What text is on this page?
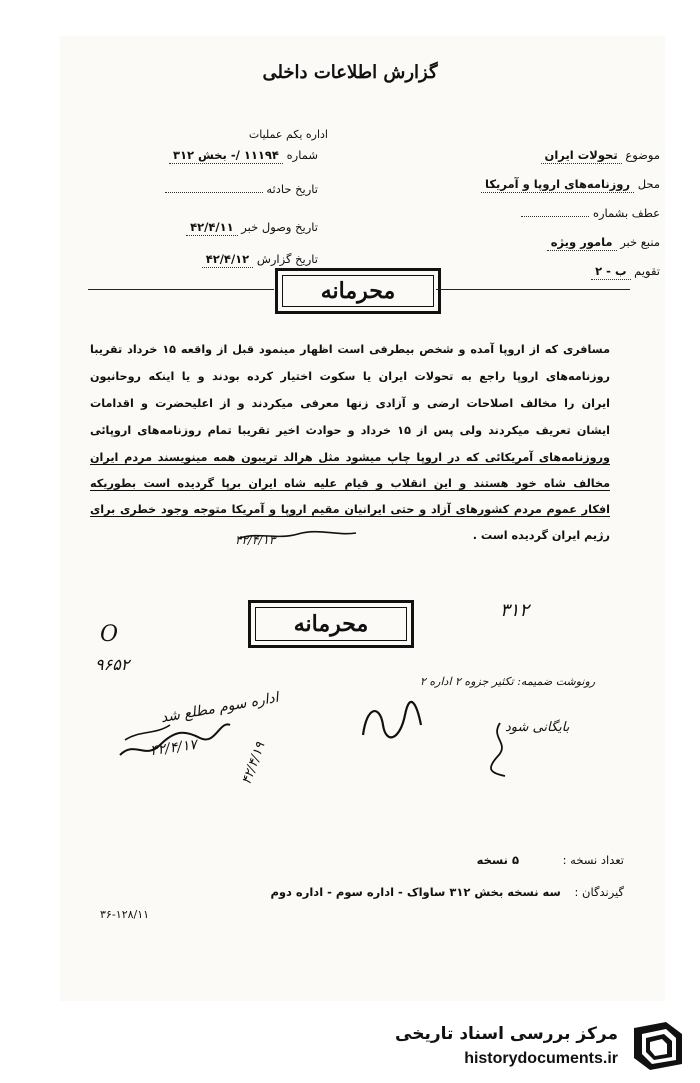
گزارش اطلاعات داخلی
اداره یکم عملیات
شماره ۱۱۱۹۴ /- بخش ۳۱۲
تاریخ حادثه
تاریخ وصول خبر ۴۲/۴/۱۱
تاریخ گزارش ۴۲/۴/۱۲
موضوع تحولات ایران
محل روزنامه‌های اروپا و آمریکا
عطف بشماره
منبع خبر مامور ویژه
تقویم ب - ۲
محرمانه
مسافری که از اروپا آمده و شخص بیطرفی است اظهار مینمود قبل از واقعه ۱۵ خرداد تقریبا
روزنامه‌های اروپا راجع به تحولات ایران یا سکوت اختیار کرده بودند و یا اینکه روحانیون
ایران را مخالف اصلاحات ارضی و آزادی زنها معرفی میکردند و از اعلیحضرت و اقدامات
ایشان تعریف میکردند ولی پس از ۱۵ خرداد و حوادث اخیر تقریبا تمام روزنامه‌های اروپائی
وروزنامه‌های آمریکائی که در اروپا چاپ میشود مثل هرالد تریبون همه مینویسند مردم ایران
مخالف شاه خود هستند و این انقلاب و قیام علیه شاه ایران برپا گردیده است بطوریکه
افکار عموم مردم کشورهای آزاد و حتی ایرانیان مقیم اروپا و آمریکا متوجه وجود خطری برای
رژیم ایران گردیده است .
۴۲/۴/۱۳
محرمانه
۳۱۲
O
۹۶۵۲
اداره سوم مطلع شد
۴۲/۴/۱۷	۴۲/۴/۱۹
رونوشت ضمیمه: تکثیر جزوه ۲ اداره ۲
بایگانی شود
تعداد نسخه : ۵ نسخه
گیرندگان : سه نسخه بخش ۳۱۲ ساواک - اداره سوم - اداره دوم
۳۶-۱۲۸/۱۱
مرکز بررسی اسناد تاریخی
historydocuments.ir
